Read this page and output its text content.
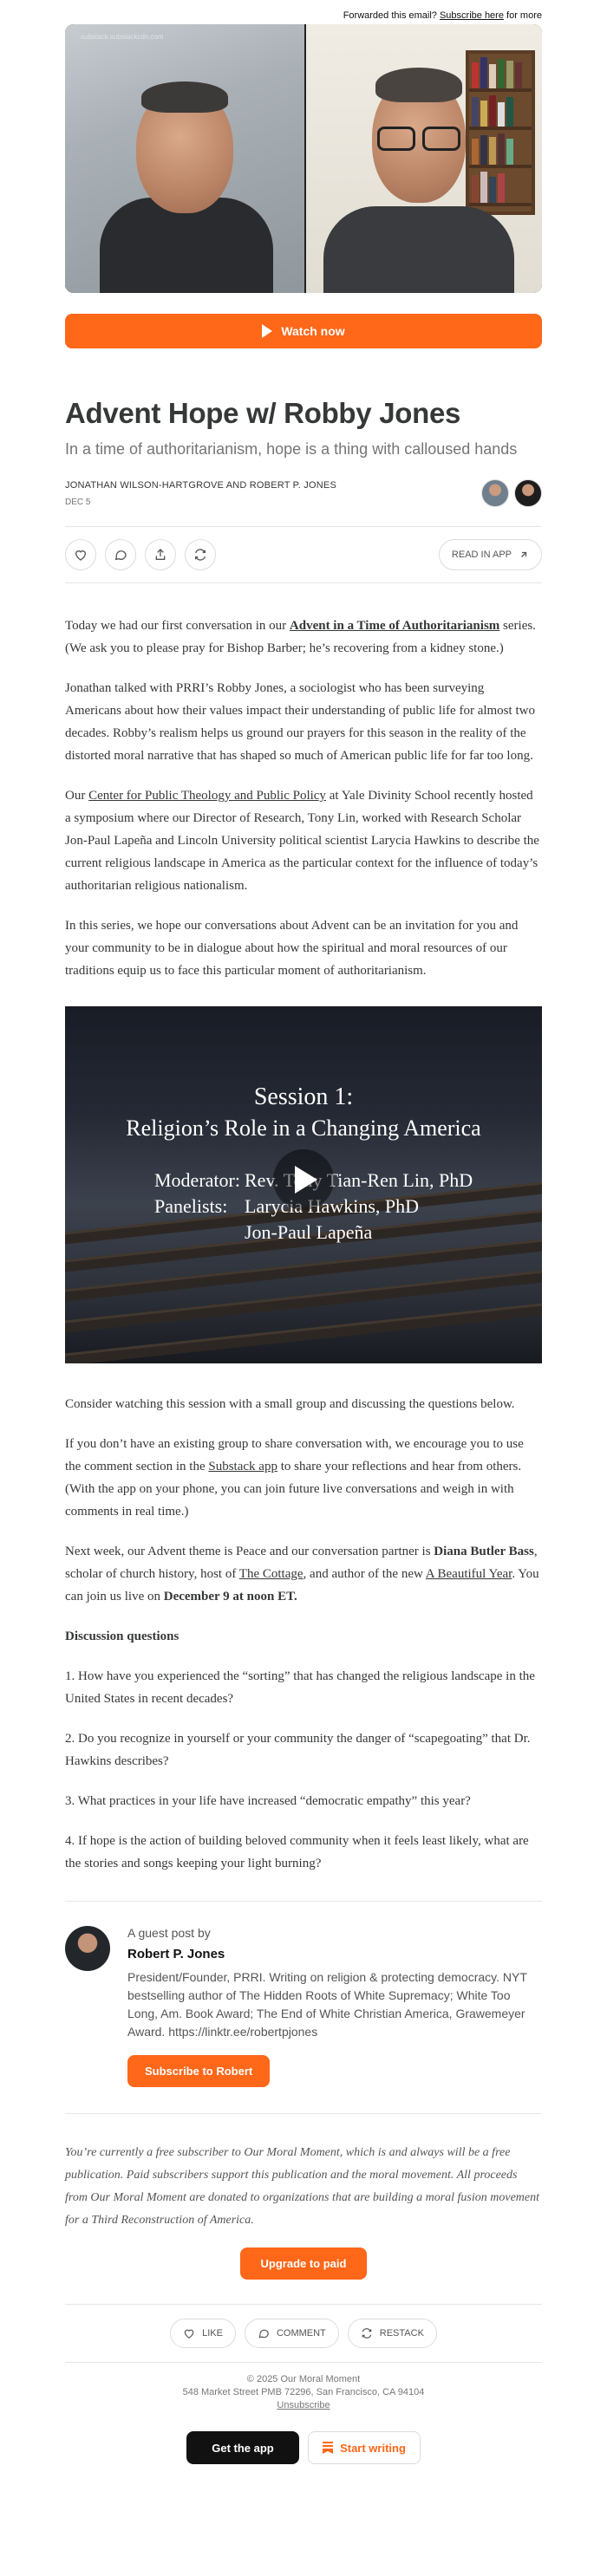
Forwarded this email? Subscribe here for more
substack.substackcdn.com
Watch now
Advent Hope w/ Robby Jones
In a time of authoritarianism, hope is a thing with calloused hands
JONATHAN WILSON-HARTGROVE AND ROBERT P. JONES
DEC 5
READ IN APP

Today we had our first conversation in our Advent in a Time of Authoritarianism series. (We ask you to please pray for Bishop Barber; he’s recovering from a kidney stone.)

Jonathan talked with PRRI’s Robby Jones, a sociologist who has been surveying Americans about how their values impact their understanding of public life for almost two decades. Robby’s realism helps us ground our prayers for this season in the reality of the distorted moral narrative that has shaped so much of American public life for far too long.

Our Center for Public Theology and Public Policy at Yale Divinity School recently hosted a symposium where our Director of Research, Tony Lin, worked with Research Scholar Jon-Paul Lapeña and Lincoln University political scientist Larycia Hawkins to describe the current religious landscape in America as the particular context for the influence of today’s authoritarian religious nationalism.

In this series, we hope our conversations about Advent can be an invitation for you and your community to be in dialogue about how the spiritual and moral resources of our traditions equip us to face this particular moment of authoritarianism.

Session 1:
Religion’s Role in a Changing America
Moderator: Rev. Tony Tian-Ren Lin, PhD
Panelists: Larycia Hawkins, PhD
Jon-Paul Lapeña

Consider watching this session with a small group and discussing the questions below.

If you don’t have an existing group to share conversation with, we encourage you to use the comment section in the Substack app to share your reflections and hear from others. (With the app on your phone, you can join future live conversations and weigh in with comments in real time.)

Next week, our Advent theme is Peace and our conversation partner is Diana Butler Bass, scholar of church history, host of The Cottage, and author of the new A Beautiful Year. You can join us live on December 9 at noon ET.

Discussion questions

1. How have you experienced the “sorting” that has changed the religious landscape in the United States in recent decades?

2. Do you recognize in yourself or your community the danger of “scapegoating” that Dr. Hawkins describes?

3. What practices in your life have increased “democratic empathy” this year?

4. If hope is the action of building beloved community when it feels least likely, what are the stories and songs keeping your light burning?

A guest post by
Robert P. Jones
President/Founder, PRRI. Writing on religion & protecting democracy. NYT bestselling author of The Hidden Roots of White Supremacy; White Too Long, Am. Book Award; The End of White Christian America, Grawemeyer Award. https://linktr.ee/robertpjones
Subscribe to Robert
You’re currently a free subscriber to Our Moral Moment, which is and always will be a free publication. Paid subscribers support this publication and the moral movement. All proceeds from Our Moral Moment are donated to organizations that are building a moral fusion movement for a Third Reconstruction of America.
Upgrade to paid
LIKE	COMMENT	RESTACK
© 2025 Our Moral Moment
548 Market Street PMB 72296, San Francisco, CA 94104
Unsubscribe
Get the app	Start writing
